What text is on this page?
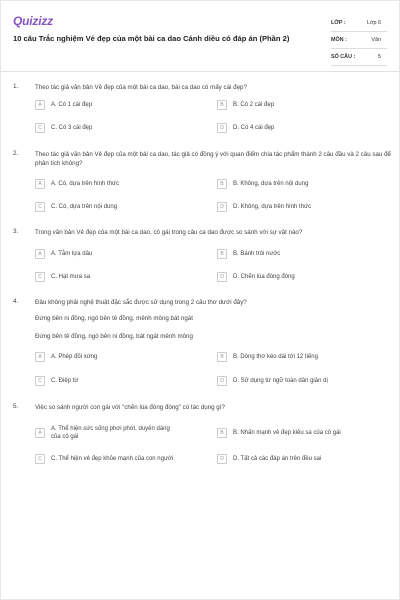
Quizizz
10 câu Trắc nghiệm Vẻ đẹp của một bài ca dao Cánh diều có đáp án (Phần 2)
LỚP :	Lớp 6
MÔN :	Văn
SỐ CÂU :	5
1.	Theo tác giả văn bản Vẻ đẹp của một bài ca dao, bài ca dao có mấy cái đẹp?
A	A. Có 1 cái đẹp	B	B. Có 2 cái đẹp
C	C. Có 3 cái đẹp	D	D. Có 4 cái đẹp
2.	Theo tác giả văn bản Vẻ đẹp của một bài ca dao, tác giả có đồng ý với quan điểm chia tác phẩm thành 2 câu đầu và 2 câu sau để phân tích không?
A	A. Có, dựa trên hình thức	B	B. Không, dựa trên nội dung
C	C. Có, dựa trên nội dung	D	D. Không, dựa trên hình thức
3.	Trong văn bản Vẻ đẹp của một bài ca dao, cô gái trong câu ca dao được so sánh với sự vật nào?
A	A. Tằm lựa dâu	B	B. Bánh trôi nước
C	C. Hạt mưa sa	D	D. Chẽn lúa đòng đòng
4.	Đâu không phải nghệ thuật đặc sắc được sử dụng trong 2 câu thơ dưới đây?
Đứng bên ni đồng, ngó bên tê đồng, mênh mông bát ngát
Đứng bên tê đồng, ngó bên ni đồng, bát ngát mênh mông
A	A. Phép đối xứng	B	B. Dòng thơ kéo dài tới 12 tiếng
C	C. Điệp từ	D	D. Sử dụng từ ngữ toàn dân giản dị
5.	Việc so sánh người con gái với "chẽn lúa đòng đòng" có tác dụng gì?
A
A. Thể hiện sức sống phơi phới, duyên dáng của cô gái
B	B. Nhấn mạnh vẻ đẹp kiêu sa của cô gái
C	C. Thể hiện vẻ đẹp khỏe mạnh của con người	D	D. Tất cả các đáp án trên đều sai
